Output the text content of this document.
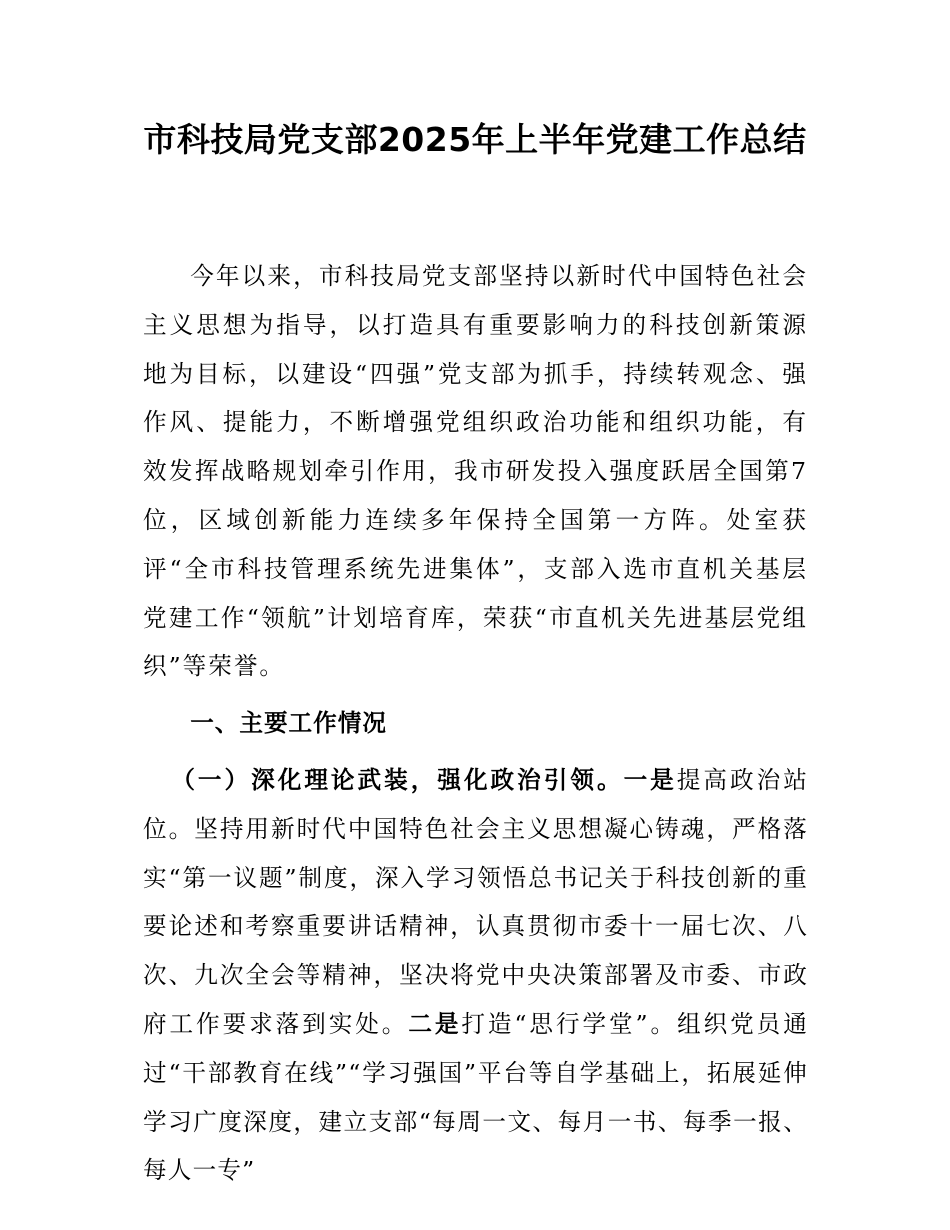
市科技局党支部2025年上半年党建工作总结

今年以来，市科技局党支部坚持以新时代中国特色社会主义思想为指导，以打造具有重要影响力的科技创新策源地为目标，以建设“四强”党支部为抓手，持续转观念、强作风、提能力，不断增强党组织政治功能和组织功能，有效发挥战略规划牵引作用，我市研发投入强度跃居全国第7位，区域创新能力连续多年保持全国第一方阵。处室获评“全市科技管理系统先进集体”，支部入选市直机关基层党建工作“领航”计划培育库，荣获“市直机关先进基层党组织”等荣誉。

一、主要工作情况

（一）深化理论武装，强化政治引领。一是提高政治站位。坚持用新时代中国特色社会主义思想凝心铸魂，严格落实“第一议题”制度，深入学习领悟总书记关于科技创新的重要论述和考察重要讲话精神，认真贯彻市委十一届七次、八次、九次全会等精神，坚决将党中央决策部署及市委、市政府工作要求落到实处。二是打造“思行学堂”。组织党员通过“干部教育在线”“学习强国”平台等自学基础上，拓展延伸学习广度深度，建立支部“每周一文、每月一书、每季一报、每人一专”
